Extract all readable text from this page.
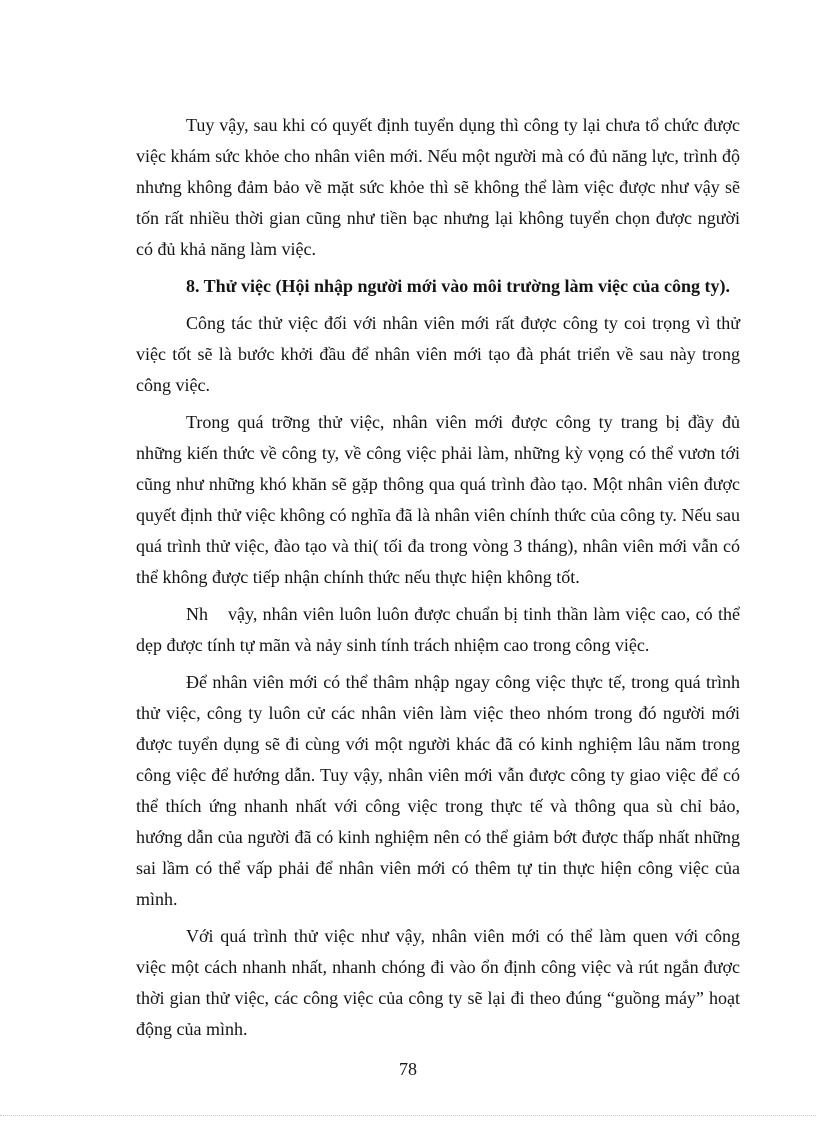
Tuy vậy, sau khi có quyết định tuyển dụng thì công ty lại chưa tổ chức được việc khám sức khỏe cho nhân viên mới. Nếu một người mà có đủ năng lực, trình độ nhưng không đảm bảo về mặt sức khỏe thì sẽ không thể làm việc được như vậy sẽ tốn rất nhiều thời gian cũng như tiền bạc nhưng lại không tuyển chọn được người có đủ khả năng làm việc.

8. Thử việc (Hội nhập người mới vào môi trường làm việc của công ty).

Công tác thử việc đối với nhân viên mới rất được công ty coi trọng vì thử việc tốt sẽ là bước khởi đầu để nhân viên mới tạo đà phát triển về sau này trong công việc.

Trong quá trỡng thử việc, nhân viên mới được công ty trang bị đầy đủ những kiến thức về công ty, về công việc phải làm, những kỳ vọng có thể vươn tới cũng như những khó khăn sẽ gặp thông qua quá trình đào tạo. Một nhân viên được quyết định thử việc không có nghĩa đã là nhân viên chính thức của công ty. Nếu sau quá trình thử việc, đào tạo và thi( tối đa trong vòng 3 tháng), nhân viên mới vẫn có thể không được tiếp nhận chính thức nếu thực hiện không tốt.

Nh vậy, nhân viên luôn luôn được chuẩn bị tinh thần làm việc cao, có thể dẹp được tính tự mãn và nảy sinh tính trách nhiệm cao trong công việc.

Để nhân viên mới có thể thâm nhập ngay công việc thực tế, trong quá trình thử việc, công ty luôn cử các nhân viên làm việc theo nhóm trong đó người mới được tuyển dụng sẽ đi cùng với một người khác đã có kinh nghiệm lâu năm trong công việc để hướng dẫn. Tuy vậy, nhân viên mới vẫn được công ty giao việc để có thể thích ứng nhanh nhất với công việc trong thực tế và thông qua sù chỉ bảo, hướng dẫn của người đã có kinh nghiệm nên có thể giảm bớt được thấp nhất những sai lầm có thể vấp phải để nhân viên mới có thêm tự tin thực hiện công việc của mình.

Với quá trình thử việc như vậy, nhân viên mới có thể làm quen với công việc một cách nhanh nhất, nhanh chóng đi vào ổn định công việc và rút ngắn được thời gian thử việc, các công việc của công ty sẽ lại đi theo đúng “guồng máy” hoạt động của mình.

78
